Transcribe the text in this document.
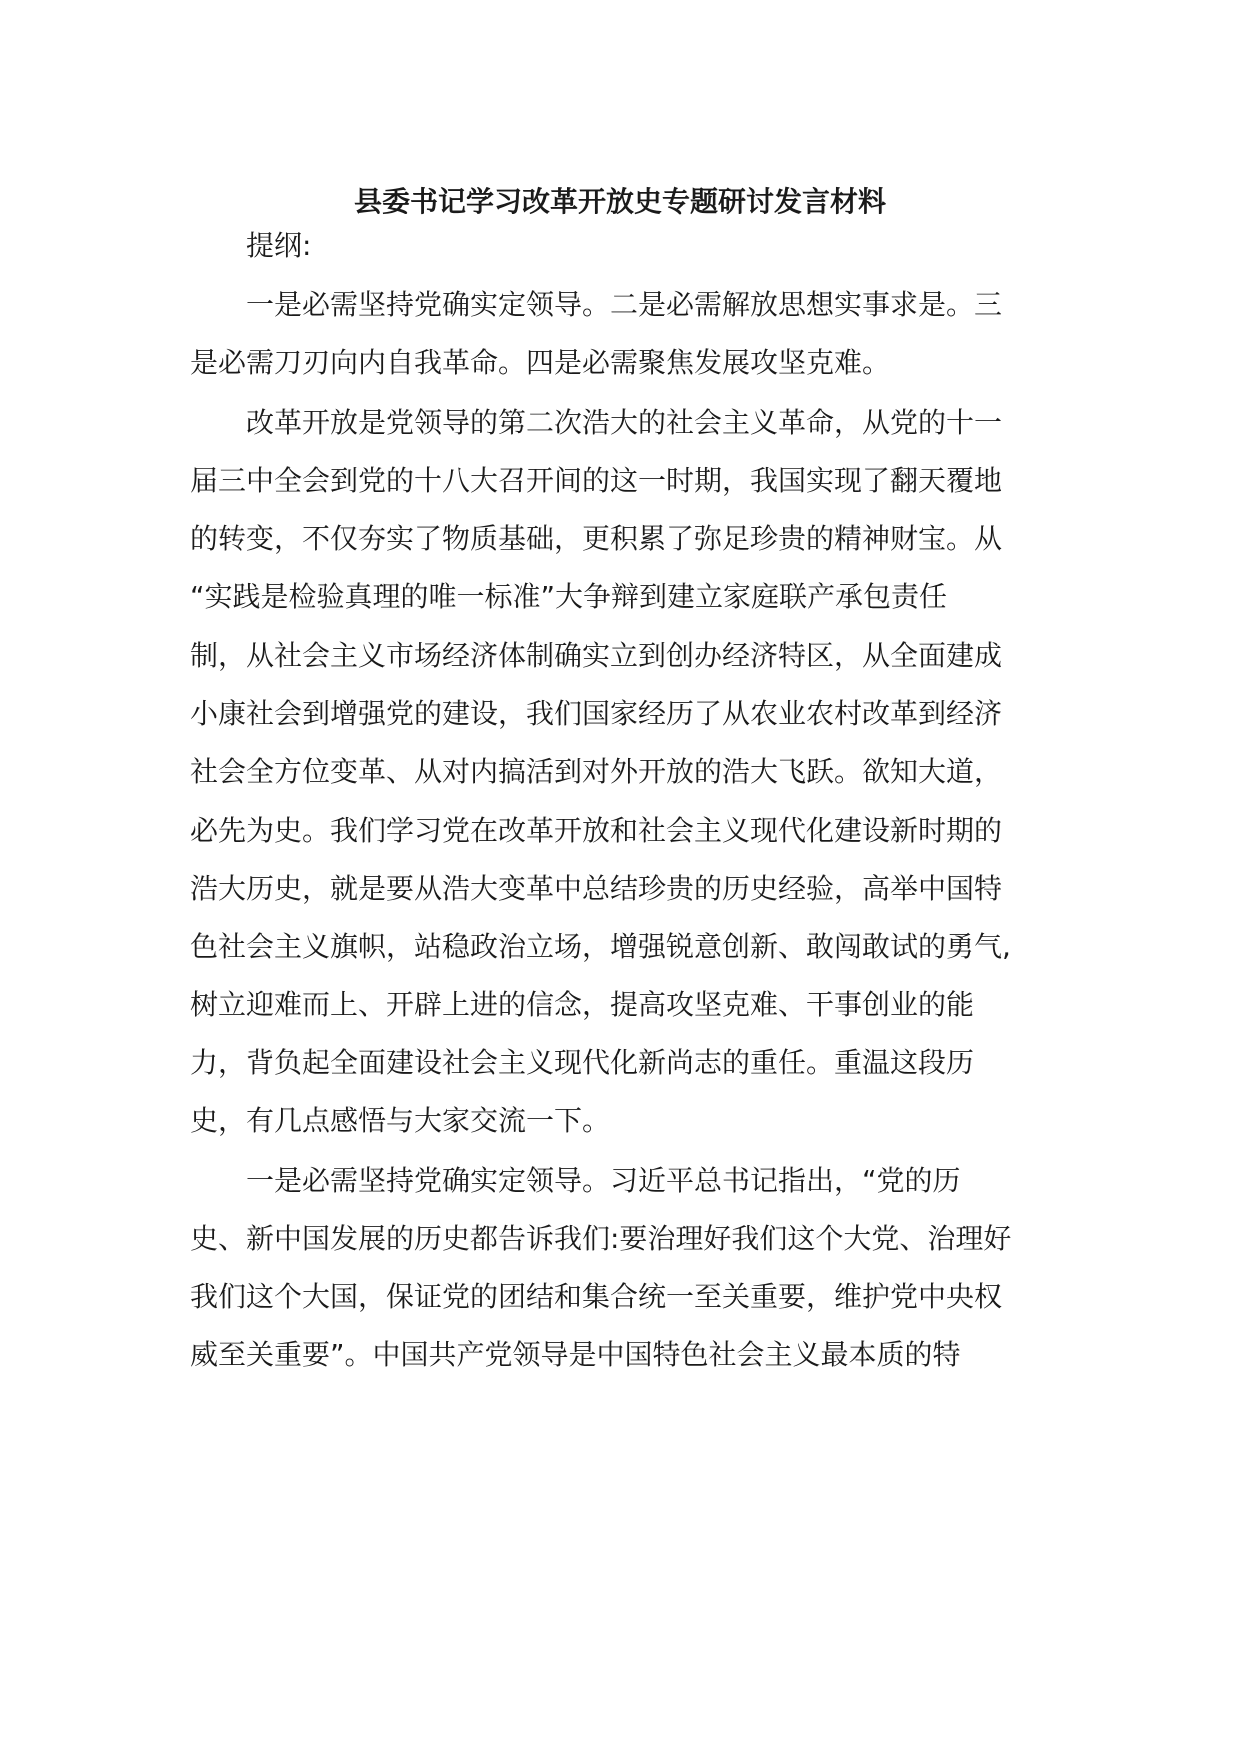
县委书记学习改革开放史专题研讨发言材料
提纲:
一是必需坚持党确实定领导。二是必需解放思想实事求是。三
是必需刀刃向内自我革命。四是必需聚焦发展攻坚克难。
改革开放是党领导的第二次浩大的社会主义革命，从党的十一
届三中全会到党的十八大召开间的这一时期，我国实现了翻天覆地
的转变，不仅夯实了物质基础，更积累了弥足珍贵的精神财宝。从
“实践是检验真理的唯一标准”大争辩到建立家庭联产承包责任
制，从社会主义市场经济体制确实立到创办经济特区，从全面建成
小康社会到增强党的建设，我们国家经历了从农业农村改革到经济
社会全方位变革、从对内搞活到对外开放的浩大飞跃。欲知大道，
必先为史。我们学习党在改革开放和社会主义现代化建设新时期的
浩大历史，就是要从浩大变革中总结珍贵的历史经验，高举中国特
色社会主义旗帜，站稳政治立场，增强锐意创新、敢闯敢试的勇气,
树立迎难而上、开辟上进的信念，提高攻坚克难、干事创业的能
力，背负起全面建设社会主义现代化新尚志的重任。重温这段历
史，有几点感悟与大家交流一下。
一是必需坚持党确实定领导。习近平总书记指出，“党的历
史、新中国发展的历史都告诉我们:要治理好我们这个大党、治理好
我们这个大国，保证党的团结和集合统一至关重要，维护党中央权
威至关重要”。中国共产党领导是中国特色社会主义最本质的特
